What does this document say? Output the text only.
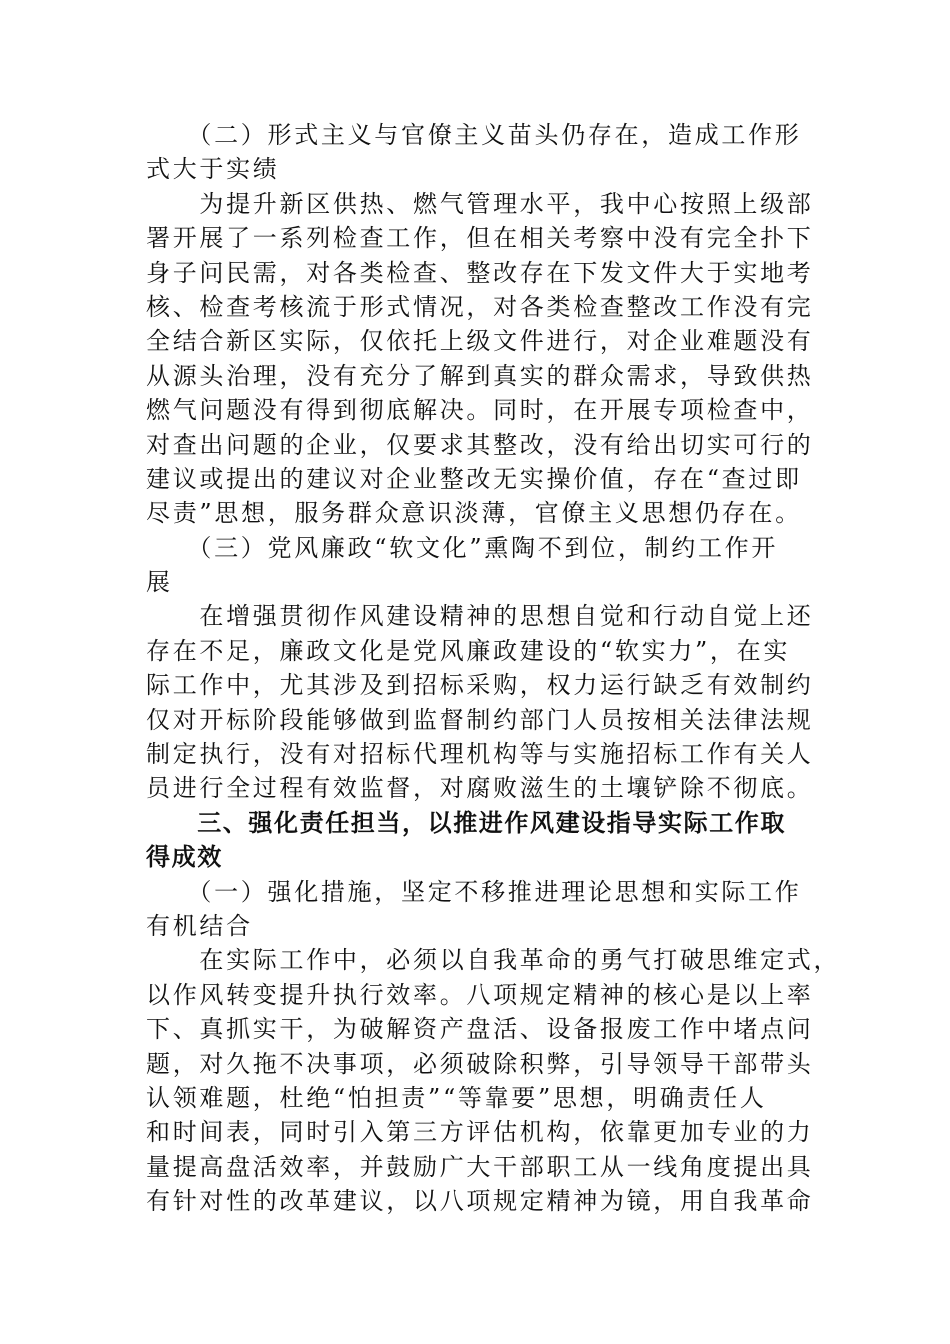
　　（二）形式主义与官僚主义苗头仍存在，造成工作形
式大于实绩
　　为提升新区供热、燃气管理水平，我中心按照上级部
署开展了一系列检查工作，但在相关考察中没有完全扑下
身子问民需，对各类检查、整改存在下发文件大于实地考
核、检查考核流于形式情况，对各类检查整改工作没有完
全结合新区实际，仅依托上级文件进行，对企业难题没有
从源头治理，没有充分了解到真实的群众需求，导致供热
燃气问题没有得到彻底解决。同时，在开展专项检查中，
对查出问题的企业，仅要求其整改，没有给出切实可行的
建议或提出的建议对企业整改无实操价值，存在“查过即
尽责”思想，服务群众意识淡薄，官僚主义思想仍存在。
　　（三）党风廉政“软文化”熏陶不到位，制约工作开
展
　　在增强贯彻作风建设精神的思想自觉和行动自觉上还
存在不足，廉政文化是党风廉政建设的“软实力”，在实
际工作中，尤其涉及到招标采购，权力运行缺乏有效制约
仅对开标阶段能够做到监督制约部门人员按相关法律法规
制定执行，没有对招标代理机构等与实施招标工作有关人
员进行全过程有效监督，对腐败滋生的土壤铲除不彻底。
　　三、强化责任担当，以推进作风建设指导实际工作取
得成效
　　（一）强化措施，坚定不移推进理论思想和实际工作
有机结合
　　在实际工作中，必须以自我革命的勇气打破思维定式，
以作风转变提升执行效率。八项规定精神的核心是以上率
下、真抓实干，为破解资产盘活、设备报废工作中堵点问
题，对久拖不决事项，必须破除积弊，引导领导干部带头
认领难题，杜绝“怕担责”“等靠要”思想，明确责任人
和时间表，同时引入第三方评估机构，依靠更加专业的力
量提高盘活效率，并鼓励广大干部职工从一线角度提出具
有针对性的改革建议，以八项规定精神为镜，用自我革命
